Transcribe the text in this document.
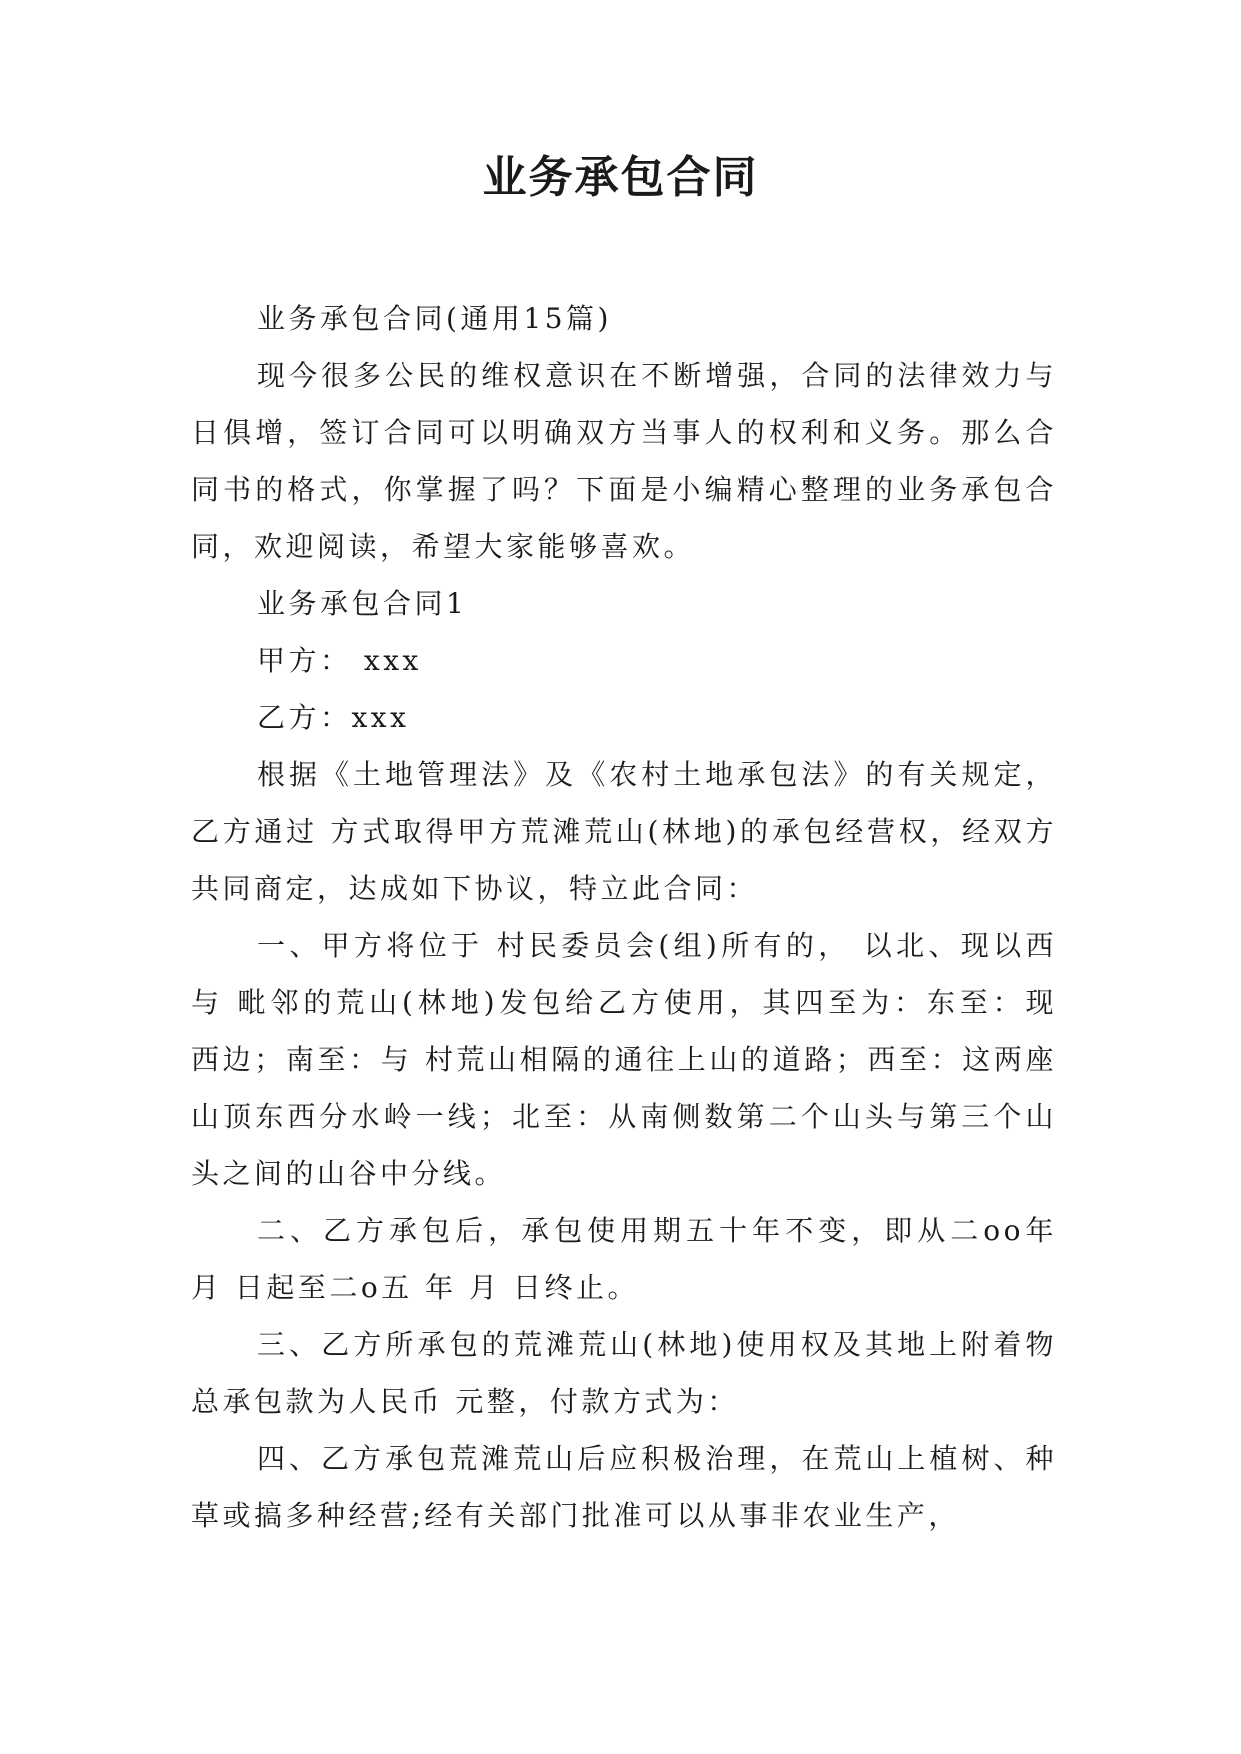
业务承包合同

业务承包合同(通用15篇)

现今很多公民的维权意识在不断增强，合同的法律效力与日俱增，签订合同可以明确双方当事人的权利和义务。那么合同书的格式，你掌握了吗？下面是小编精心整理的业务承包合同，欢迎阅读，希望大家能够喜欢。

业务承包合同1

甲方： xxx

乙方：xxx

根据《土地管理法》及《农村土地承包法》的有关规定，乙方通过 方式取得甲方荒滩荒山(林地)的承包经营权，经双方共同商定，达成如下协议，特立此合同：

一、甲方将位于 村民委员会(组)所有的， 以北、现以西与 毗邻的荒山(林地)发包给乙方使用，其四至为：东至：现 西边；南至：与 村荒山相隔的通往上山的道路；西至：这两座山顶东西分水岭一线；北至：从南侧数第二个山头与第三个山头之间的山谷中分线。

二、乙方承包后，承包使用期五十年不变，即从二oo年 月 日起至二o五 年 月 日终止。

三、乙方所承包的荒滩荒山(林地)使用权及其地上附着物总承包款为人民币 元整，付款方式为：

四、乙方承包荒滩荒山后应积极治理，在荒山上植树、种草或搞多种经营;经有关部门批准可以从事非农业生产，
